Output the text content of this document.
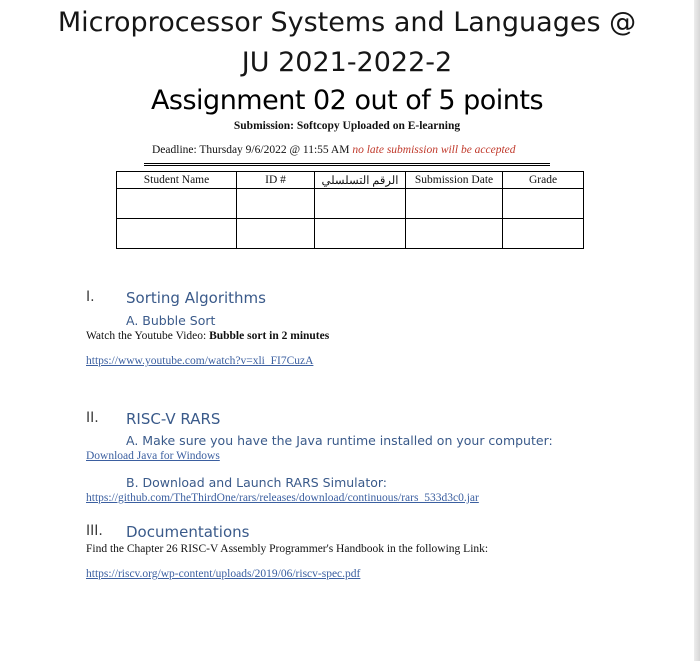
Microprocessor Systems and Languages @
JU 2021-2022-2
Assignment 02 out of 5 points
Submission: Softcopy Uploaded on E-learning
Deadline: Thursday 9/6/2022 @ 11:55 AM no late submission will be accepted
Student Name	ID #	الرقم التسلسلي	Submission Date	Grade

I. Sorting Algorithms
A. Bubble Sort
Watch the Youtube Video: Bubble sort in 2 minutes
https://www.youtube.com/watch?v=xli_FI7CuzA
II. RISC-V RARS
A. Make sure you have the Java runtime installed on your computer:
Download Java for Windows
B. Download and Launch RARS Simulator:
https://github.com/TheThirdOne/rars/releases/download/continuous/rars_533d3c0.jar
III. Documentations
Find the Chapter 26 RISC-V Assembly Programmer's Handbook in the following Link:
https://riscv.org/wp-content/uploads/2019/06/riscv-spec.pdf
